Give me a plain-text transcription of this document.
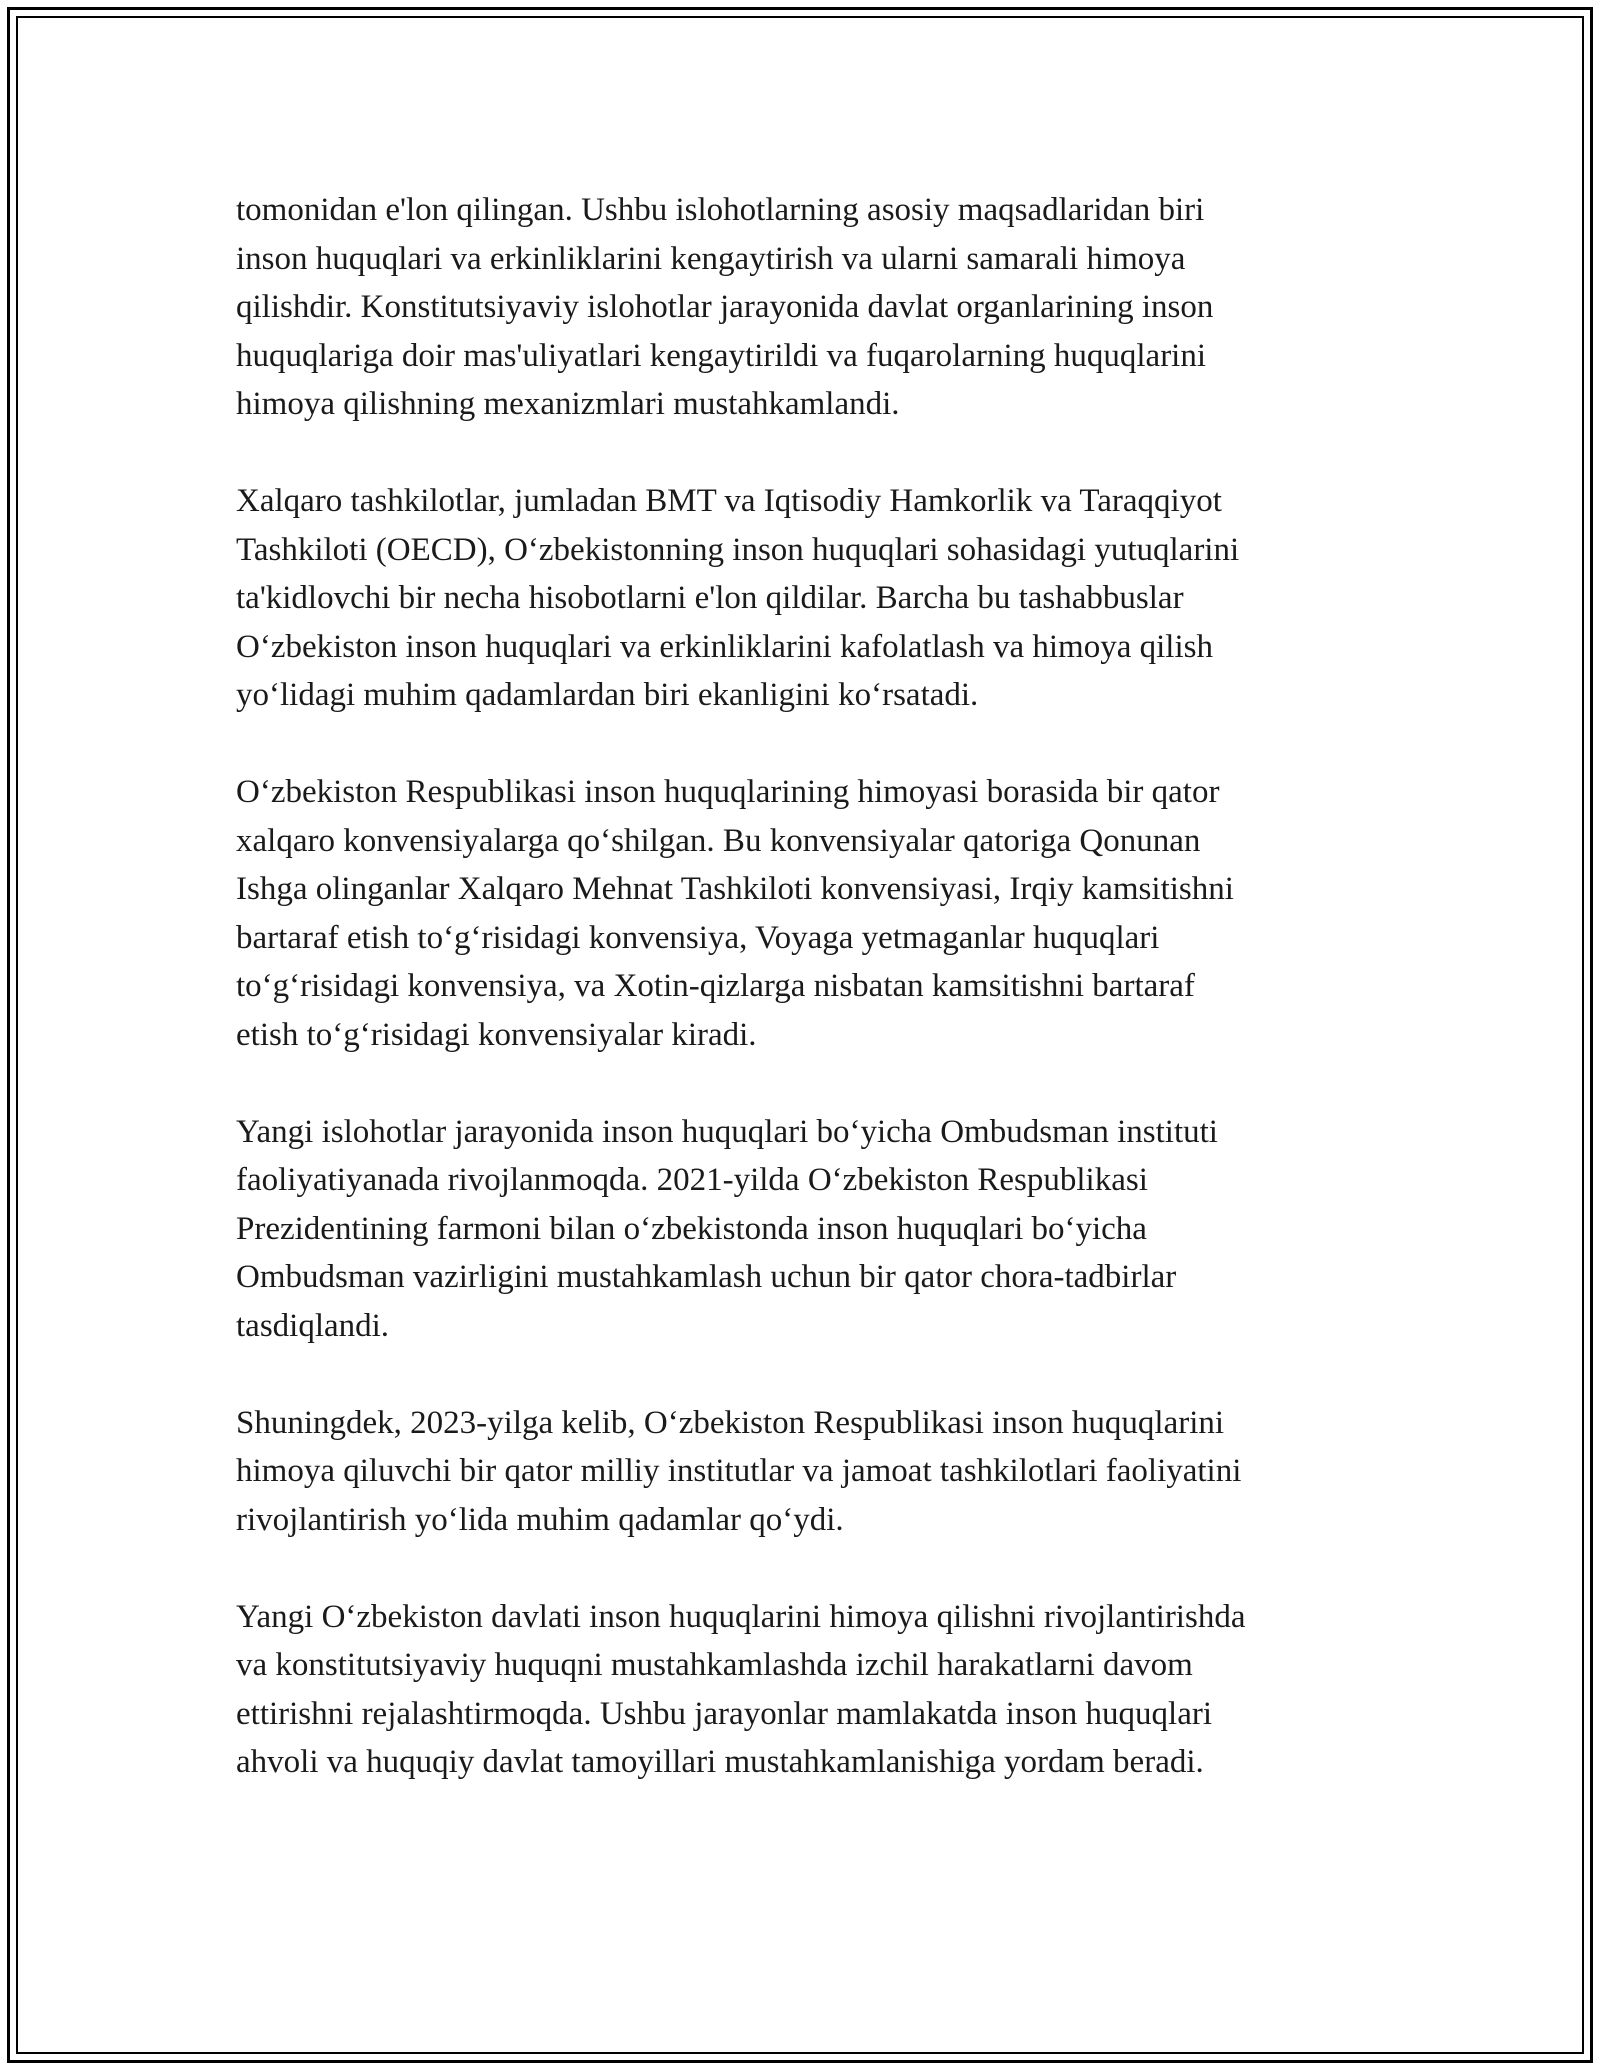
tomonidan e'lon qilingan. Ushbu islohotlarning asosiy maqsadlaridan biri
inson huquqlari va erkinliklarini kengaytirish va ularni samarali himoya
qilishdir. Konstitutsiyaviy islohotlar jarayonida davlat organlarining inson
huquqlariga doir mas'uliyatlari kengaytirildi va fuqarolarning huquqlarini
himoya qilishning mexanizmlari mustahkamlandi.

Xalqaro tashkilotlar, jumladan BMT va Iqtisodiy Hamkorlik va Taraqqiyot
Tashkiloti (OECD), O‘zbekistonning inson huquqlari sohasidagi yutuqlarini
ta'kidlovchi bir necha hisobotlarni e'lon qildilar. Barcha bu tashabbuslar
O‘zbekiston inson huquqlari va erkinliklarini kafolatlash va himoya qilish
yo‘lidagi muhim qadamlardan biri ekanligini ko‘rsatadi.

O‘zbekiston Respublikasi inson huquqlarining himoyasi borasida bir qator
xalqaro konvensiyalarga qo‘shilgan. Bu konvensiyalar qatoriga Qonunan
Ishga olinganlar Xalqaro Mehnat Tashkiloti konvensiyasi, Irqiy kamsitishni
bartaraf etish to‘g‘risidagi konvensiya, Voyaga yetmaganlar huquqlari
to‘g‘risidagi konvensiya, va Xotin-qizlarga nisbatan kamsitishni bartaraf
etish to‘g‘risidagi konvensiyalar kiradi.

Yangi islohotlar jarayonida inson huquqlari bo‘yicha Ombudsman instituti
faoliyatiyanada rivojlanmoqda. 2021-yilda O‘zbekiston Respublikasi
Prezidentining farmoni bilan o‘zbekistonda inson huquqlari bo‘yicha
Ombudsman vazirligini mustahkamlash uchun bir qator chora-tadbirlar
tasdiqlandi.

Shuningdek, 2023-yilga kelib, O‘zbekiston Respublikasi inson huquqlarini
himoya qiluvchi bir qator milliy institutlar va jamoat tashkilotlari faoliyatini
rivojlantirish yo‘lida muhim qadamlar qo‘ydi.

Yangi O‘zbekiston davlati inson huquqlarini himoya qilishni rivojlantirishda
va konstitutsiyaviy huquqni mustahkamlashda izchil harakatlarni davom
ettirishni rejalashtirmoqda. Ushbu jarayonlar mamlakatda inson huquqlari
ahvoli va huquqiy davlat tamoyillari mustahkamlanishiga yordam beradi.
